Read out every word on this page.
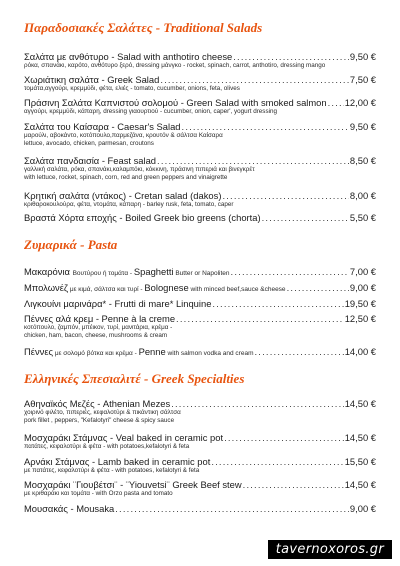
Παραδοσιακές Σαλάτες - Traditional Salads
Σαλάτα με ανθότυρο - Salad with anthotiro cheese .....	9,50 €
ρόκα, σπανάκι, καρότο, ανθότυρο ξερό, dressing μάνγκο - rocket, spinach, carrot, anthotiro, dressing mango
Χωριάτικη σαλάτα - Greek Salad .....	7,50 €
τομάτα,αγγούρι, κρεμμύδι, φέτα, ελιές - tomato, cucumber, onions, feta, olives
Πράσινη Σαλάτα Καπνιστού σολομού - Green Salad with smoked salmon ..... 12,00 €
αγγούρι, κρεμμύδι, κάπαρη, dressing γιαουρτιού - cucumber, onion, caper', yogurt dressing
Σαλάτα του Καίσαρα - Caesar's Salad .....	9,50 €
μαρούλι, αβοκάντο, κοτόπουλο,παρμεζάνα, κρουτόν & σάλτσα Καίσαρα
lettuce, avocado, chicken, parmesan, croutons
Σαλάτα πανδαισία - Feast salad .....	8,50 €
γαλλική σαλάτα, ρόκα, σπανάκι,καλαμπόκι, κόκκινη, πράσινη πιπεριά και βινεγκρέτ
with lettuce, rocket, spinach, corn, red and green peppers and vinaigrette
Κρητική σαλάτα (ντάκος) - Cretan salad (dakos) .....	8,00 €
κριθαροκουλούρα, φέτα, ντομάτα, κάπαρη - barley rusk, feta, tomato, caper
Βραστά Χόρτα εποχής - Boiled Greek bio greens (chorta) .....	5,50 €
Ζυμαρικά - Pasta
Μακαρόνια Βουτύρου ή τομάτα - Spaghetti Butter or Napoliten .....	7,00 €
Μπολωνέζ με κιμά, σάλτσα και τυρί - Bolognese with minced beef,sauce &cheese .....	9,00 €
Λιγκουίνι μαρινάρα* - Frutti di mare* Linquine .....	19,50 €
Πέννες αλά κρεμ - Penne à la creme .....	12,50 €
κοτόπουλο, ζαμπόν, μπέικον, τυρί, μανιτάρια, κρέμα -
chicken, ham, bacon, cheese, mushrooms & cream
Πέννες με σολομό βότκα και κρέμα - Penne with salmon vodka and cream .....	14,00 €
Ελληνικές Σπεσιαλιτέ - Greek Specialties
Αθηναϊκός Μεζές - Athenian Mezes .....	14,50 €
χοιρινό φιλέτο, πιπεριές, κεφαλοτύρι & πικάντικη σάλτσα
pork fillet , peppers, "Kefalotyri" cheese & spicy sauce
Μοσχαράκι Στάμνας - Veal baked in ceramic pot .....	14,50 €
πατάτες, κεφαλοτύρι & φέτα - with potatoes,kefalotyri & feta
Αρνάκι Στάμνας - Lamb baked in ceramic pot .....	15,50 €
με πατάτες, κεφαλοτύρι & φέτα - with potatoes, kefalotyri & feta
Μοσχαράκι ¨Γιουβέτσι¨ - ¨Yiouvetsi¨ Greek Beef stew .....	14,50 €
με κριθαράκι και τομάτα - with Orzo pasta and tomato
Μουσακάς - Mousaka .....	9,00 €
tavernoxoros.gr
